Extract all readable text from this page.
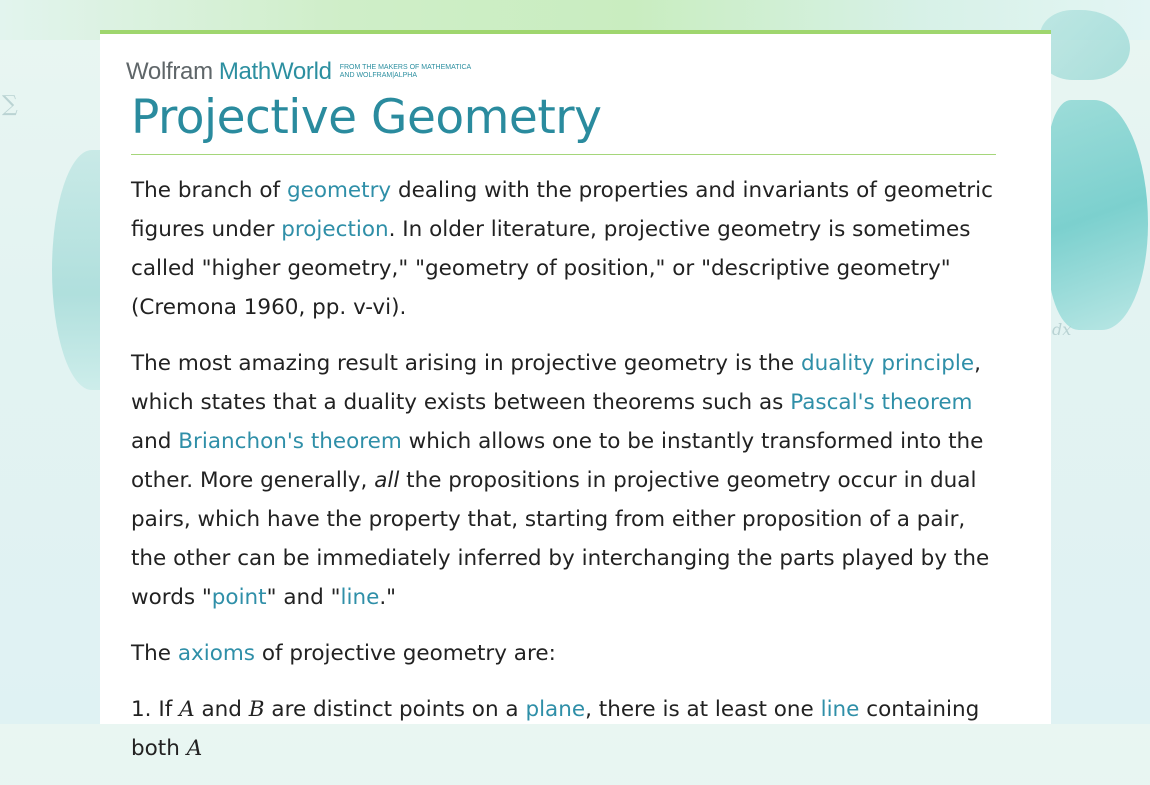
∑
dx
Wolfram MathWorld FROM THE MAKERS OF MATHEMATICA
AND WOLFRAM|ALPHA
Projective Geometry

The branch of geometry dealing with the properties and invariants of geometric figures under projection. In older literature, projective geometry is sometimes called "higher geometry," "geometry of position," or "descriptive geometry" (Cremona 1960, pp. v-vi).

The most amazing result arising in projective geometry is the duality principle, which states that a duality exists between theorems such as Pascal's theorem and Brianchon's theorem which allows one to be instantly transformed into the other. More generally, all the propositions in projective geometry occur in dual pairs, which have the property that, starting from either proposition of a pair, the other can be immediately inferred by interchanging the parts played by the words "point" and "line."

The axioms of projective geometry are:

1. If A and B are distinct points on a plane, there is at least one line containing both A
